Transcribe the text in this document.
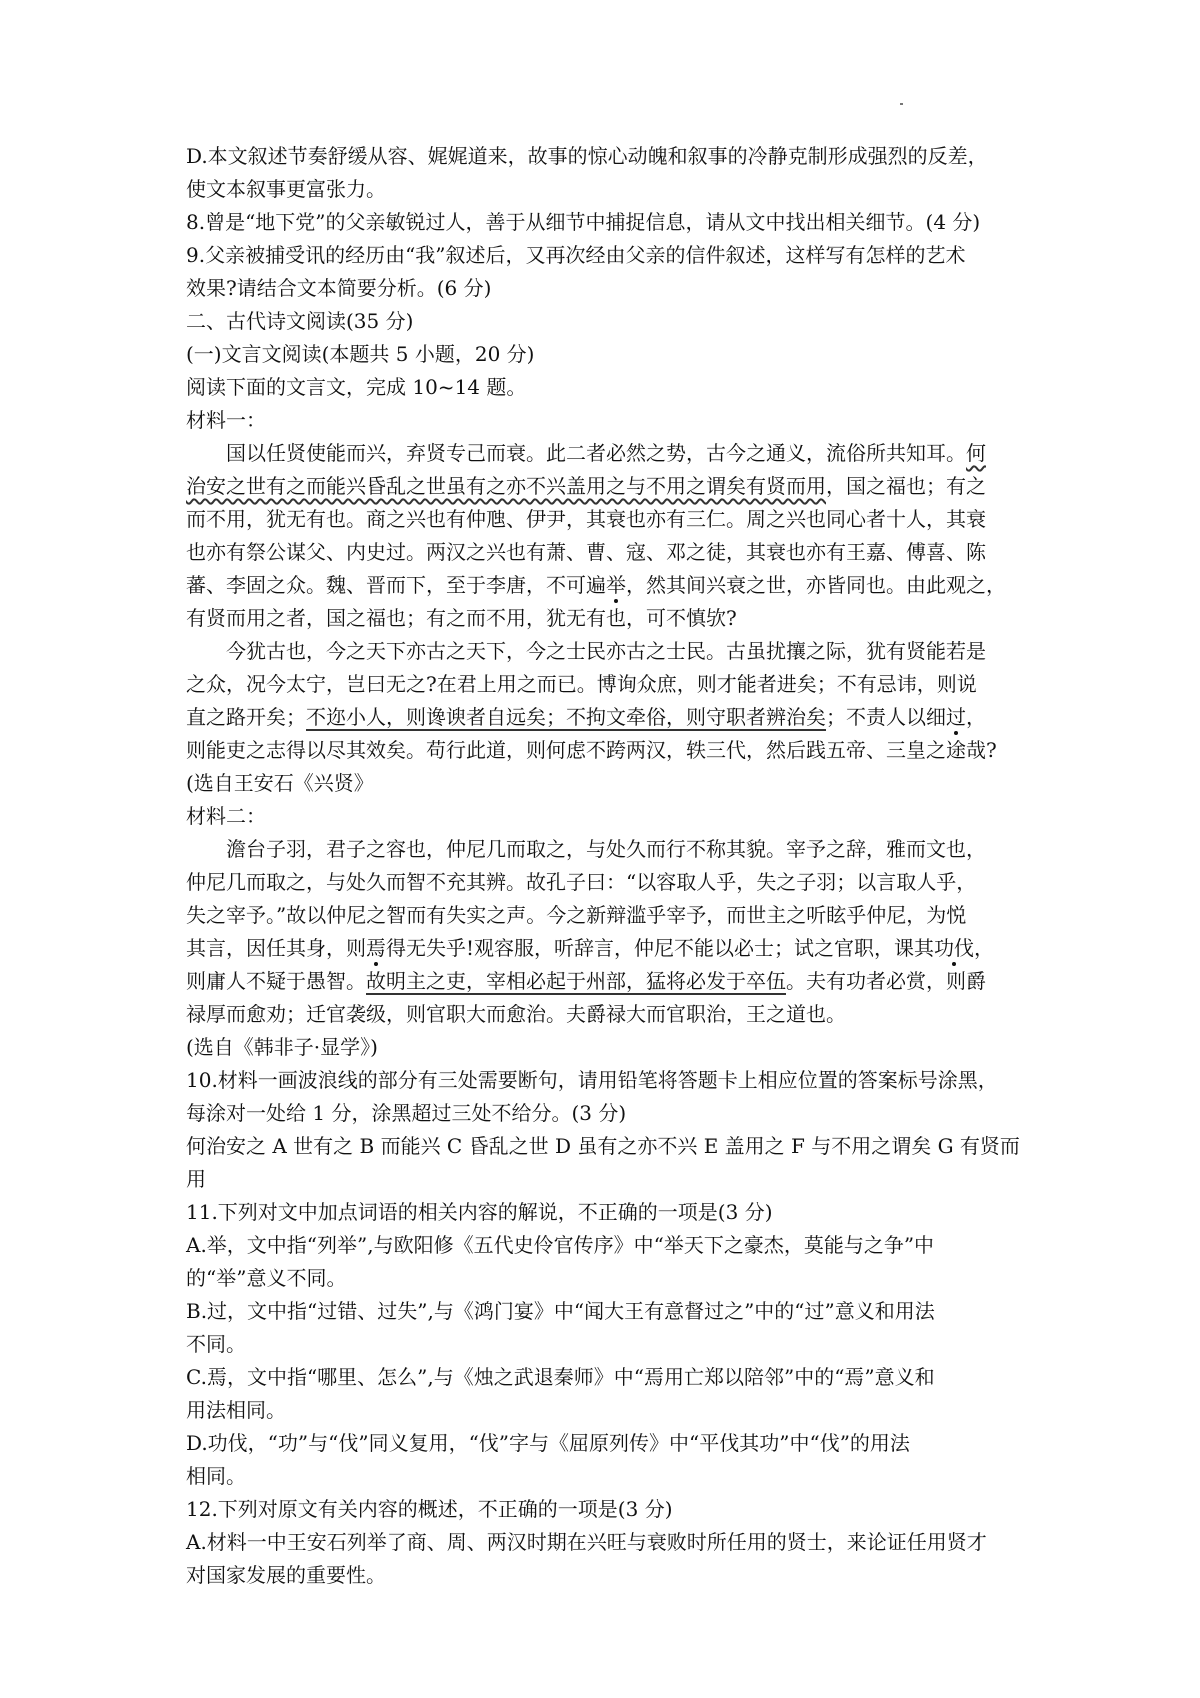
D.本文叙述节奏舒缓从容、娓娓道来，故事的惊心动魄和叙事的冷静克制形成强烈的反差，

使文本叙事更富张力。

8.曾是“地下党”的父亲敏锐过人，善于从细节中捕捉信息，请从文中找出相关细节。(4 分)

9.父亲被捕受讯的经历由“我”叙述后，又再次经由父亲的信件叙述，这样写有怎样的艺术

效果?请结合文本简要分析。(6 分)

二、古代诗文阅读(35 分)

(一)文言文阅读(本题共 5 小题，20 分)

阅读下面的文言文，完成 10~14 题。

材料一：

国以任贤使能而兴，弃贤专己而衰。此二者必然之势，古今之通义，流俗所共知耳。何

治安之世有之而能兴昏乱之世虽有之亦不兴盖用之与不用之谓矣有贤而用，国之福也；有之

而不用，犹无有也。商之兴也有仲虺、伊尹，其衰也亦有三仁。周之兴也同心者十人，其衰

也亦有祭公谋父、内史过。两汉之兴也有萧、曹、寇、邓之徒，其衰也亦有王嘉、傅喜、陈

蕃、李固之众。魏、晋而下，至于李唐，不可遍举，然其间兴衰之世，亦皆同也。由此观之，

有贤而用之者，国之福也；有之而不用，犹无有也，可不慎欤?

今犹古也，今之天下亦古之天下，今之士民亦古之士民。古虽扰攘之际，犹有贤能若是

之众，况今太宁，岂曰无之?在君上用之而已。博询众庶，则才能者进矣；不有忌讳，则说

直之路开矣；不迩小人，则谗谀者自远矣；不拘文牵俗，则守职者辨治矣；不责人以细过，

则能吏之志得以尽其效矣。苟行此道，则何虑不跨两汉，轶三代，然后践五帝、三皇之途哉?

(选自王安石《兴贤》

材料二：

澹台子羽，君子之容也，仲尼几而取之，与处久而行不称其貌。宰予之辞，雅而文也，

仲尼几而取之，与处久而智不充其辨。故孔子曰：“以容取人乎，失之子羽；以言取人乎，

失之宰予。”故以仲尼之智而有失实之声。今之新辩滥乎宰予，而世主之听眩乎仲尼，为悦

其言，因任其身，则焉得无失乎!观容服，听辞言，仲尼不能以必士；试之官职，课其功伐，

则庸人不疑于愚智。故明主之吏，宰相必起于州部，猛将必发于卒伍。夫有功者必赏，则爵

禄厚而愈劝；迁官袭级，则官职大而愈治。夫爵禄大而官职治，王之道也。

(选自《韩非子·显学》)

10.材料一画波浪线的部分有三处需要断句，请用铅笔将答题卡上相应位置的答案标号涂黑，

每涂对一处给 1 分，涂黑超过三处不给分。(3 分)

何治安之 A 世有之 B 而能兴 C 昏乱之世 D 虽有之亦不兴 E 盖用之 F 与不用之谓矣 G 有贤而

用

11.下列对文中加点词语的相关内容的解说，不正确的一项是(3 分)

A.举，文中指“列举”,与欧阳修《五代史伶官传序》中“举天下之豪杰，莫能与之争”中

的“举”意义不同。

B.过，文中指“过错、过失”,与《鸿门宴》中“闻大王有意督过之”中的“过”意义和用法

不同。

C.焉，文中指“哪里、怎么”,与《烛之武退秦师》中“焉用亡郑以陪邻”中的“焉”意义和

用法相同。

D.功伐，“功”与“伐”同义复用，“伐”字与《屈原列传》中“平伐其功”中“伐”的用法

相同。

12.下列对原文有关内容的概述，不正确的一项是(3 分)

A.材料一中王安石列举了商、周、两汉时期在兴旺与衰败时所任用的贤士，来论证任用贤才

对国家发展的重要性。
